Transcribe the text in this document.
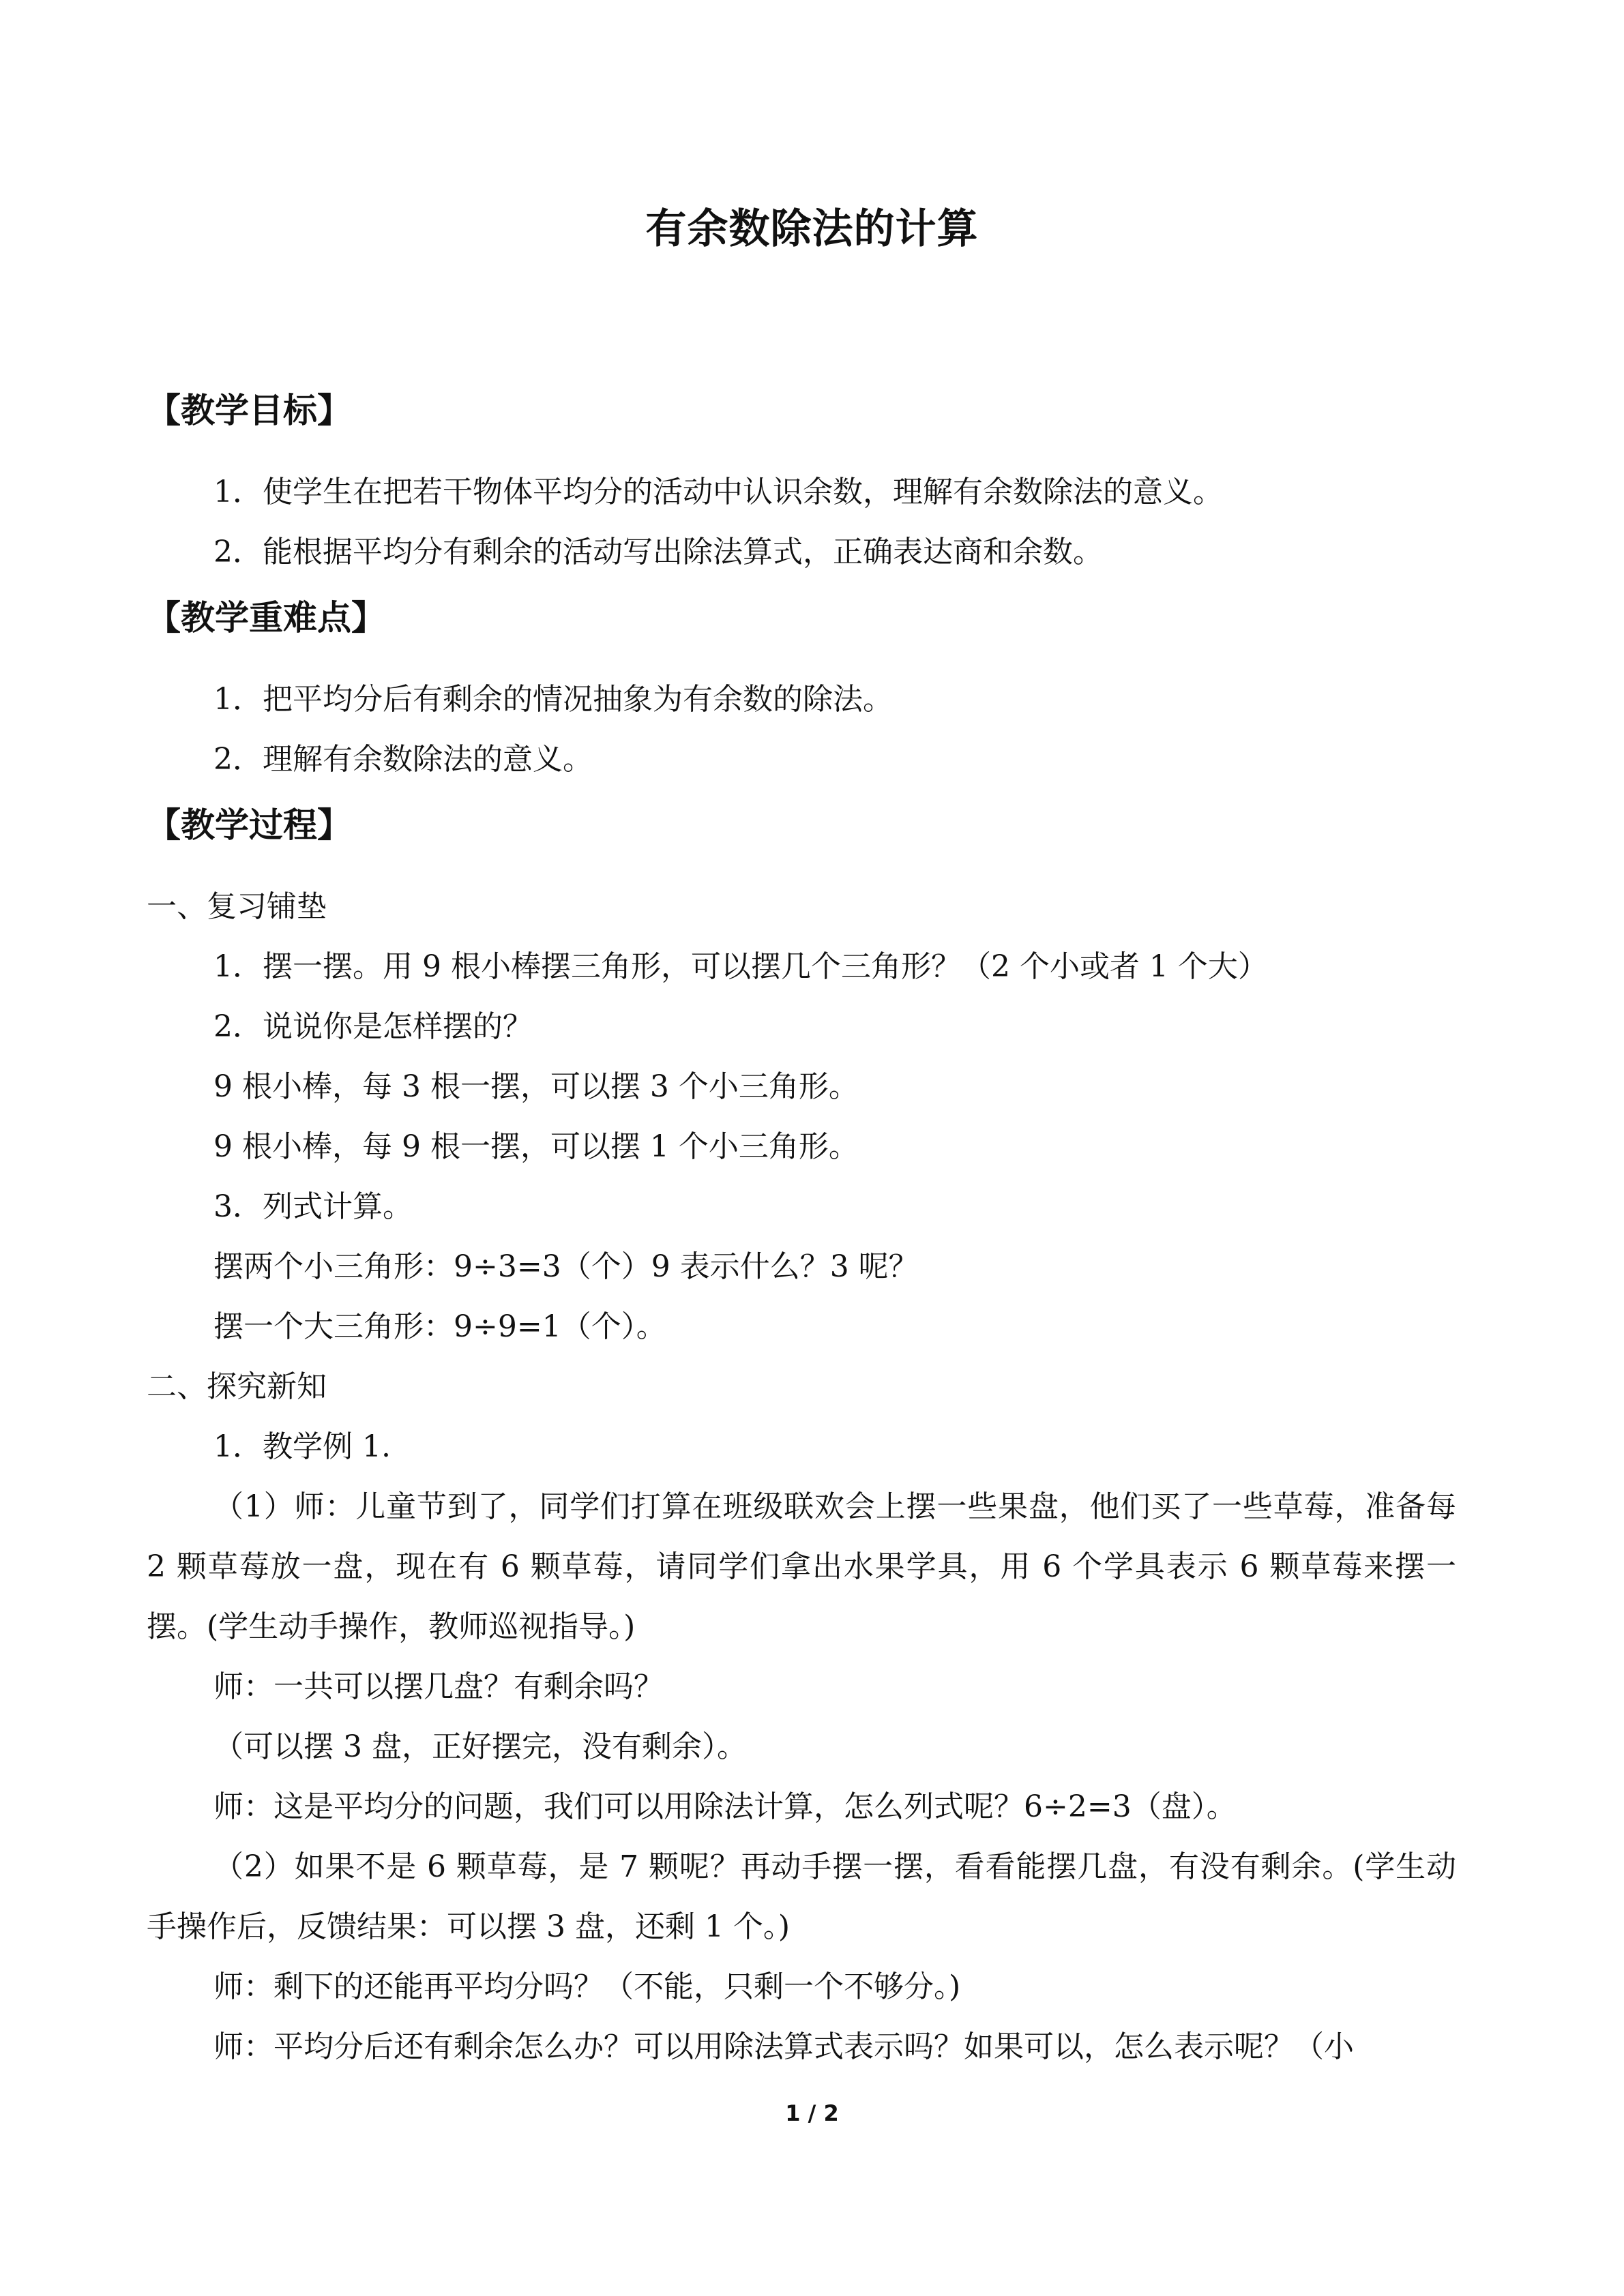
有余数除法的计算
【教学目标】
1．使学生在把若干物体平均分的活动中认识余数，理解有余数除法的意义。
2．能根据平均分有剩余的活动写出除法算式，正确表达商和余数。
【教学重难点】
1．把平均分后有剩余的情况抽象为有余数的除法。
2．理解有余数除法的意义。
【教学过程】
一、复习铺垫
1．摆一摆。用 9 根小棒摆三角形，可以摆几个三角形？（2 个小或者 1 个大）
2．说说你是怎样摆的？
9 根小棒，每 3 根一摆，可以摆 3 个小三角形。
9 根小棒，每 9 根一摆，可以摆 1 个小三角形。
3．列式计算。
摆两个小三角形：9÷3=3（个）9 表示什么？3 呢？
摆一个大三角形：9÷9=1（个）。
二、探究新知
1．教学例 1.

（1）师：儿童节到了，同学们打算在班级联欢会上摆一些果盘，他们买了一些草莓，准备每 2 颗草莓放一盘，现在有 6 颗草莓，请同学们拿出水果学具，用 6 个学具表示 6 颗草莓来摆一摆。(学生动手操作，教师巡视指导。)

师：一共可以摆几盘？有剩余吗？
（可以摆 3 盘，正好摆完，没有剩余）。
师：这是平均分的问题，我们可以用除法计算，怎么列式呢？6÷2=3（盘）。

（2）如果不是 6 颗草莓，是 7 颗呢？再动手摆一摆，看看能摆几盘，有没有剩余。(学生动手操作后，反馈结果：可以摆 3 盘，还剩 1 个。)

师：剩下的还能再平均分吗？（不能，只剩一个不够分。)
师：平均分后还有剩余怎么办？可以用除法算式表示吗？如果可以，怎么表示呢？（小
1 / 2
